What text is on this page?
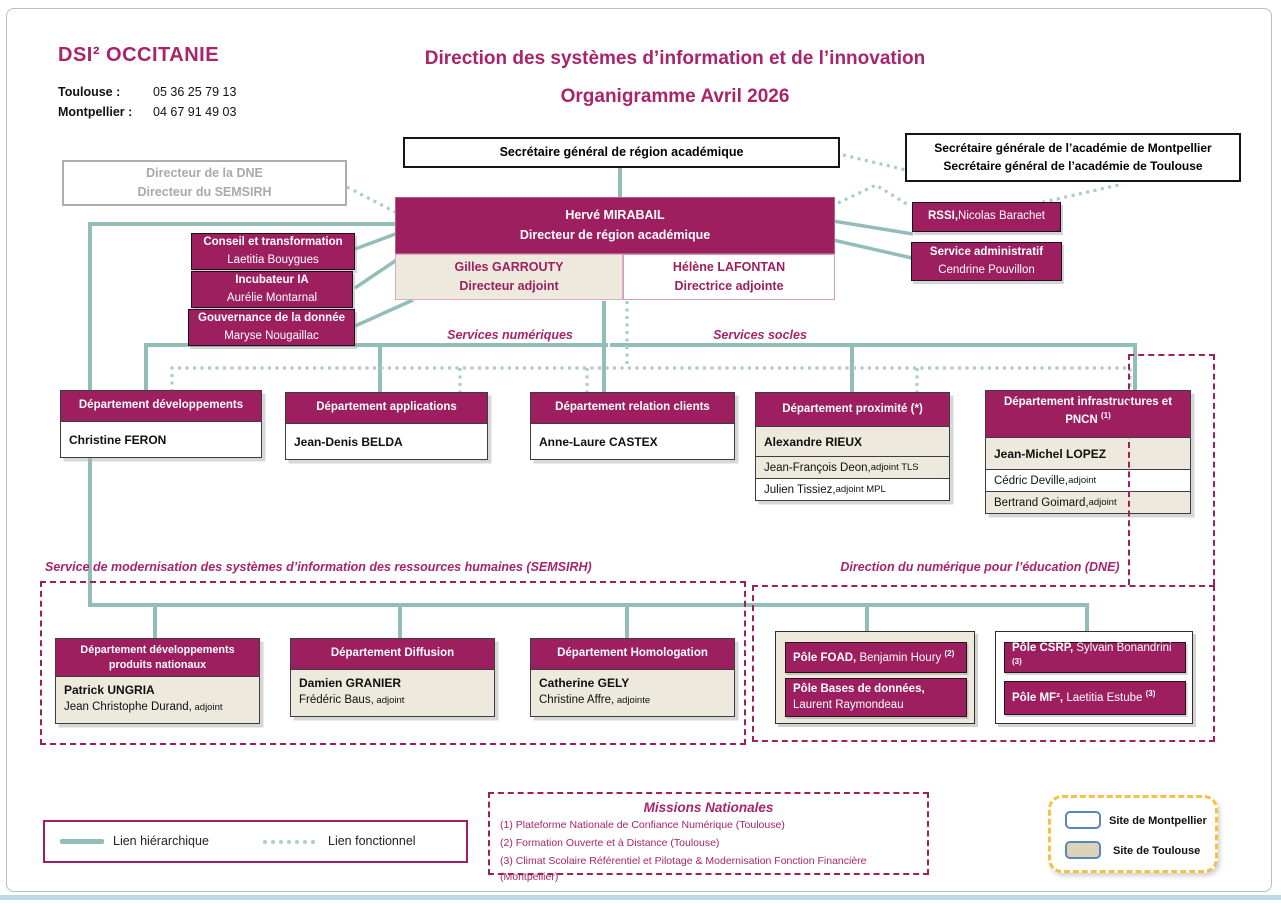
DSI² OCCITANIE
Toulouse :	05 36 25 79 13
Montpellier :	04 67 91 49 03
Direction des systèmes d’information et de l’innovation
Organigramme Avril 2026
Secrétaire général de région académique	Secrétaire générale de l’académie de Montpellier
Secrétaire général de l’académie de Toulouse
Directeur de la DNE
Directeur du SEMSIRH
Hervé MIRABAIL
Directeur de région académique
Gilles GARROUTY
Directeur adjoint
Hélène LAFONTAN
Directrice adjointe
Conseil et transformation
Laetitia Bouygues
Incubateur IA
Aurélie Montarnal
Gouvernance de la donnée
Maryse Nougaillac
RSSI, Nicolas Barachet
Service administratif
Cendrine Pouvillon
Services numériques	Services socles
Département développements
Christine FERON
Département applications
Jean-Denis BELDA
Département relation clients
Anne-Laure CASTEX
Département proximité (*)
Alexandre RIEUX
Jean-François Deon, adjoint TLS
Julien Tissiez, adjoint MPL
Département infrastructures et PNCN $^{(1)}$
Jean-Michel LOPEZ
Cédric Deville, adjoint
Bertrand Goimard, adjoint
Service de modernisation des systèmes d’information des ressources humaines (SEMSIRH)
Département développements
produits nationaux
Patrick UNGRIA
Jean Christophe Durand, adjoint
Département Diffusion
Damien GRANIER
Frédéric Baus, adjoint
Département Homologation
Catherine GELY
Christine Affre, adjointe
Direction du numérique pour l’éducation (DNE)
Pôle FOAD, Benjamin Houry $^{(2)}$
Pôle Bases de données, Laurent Raymondeau
Pôle CSRP, Sylvain Bonandrini $^{(3)}$
Pôle MF², Laetitia Estube $^{(3)}$
Lien hiérarchique	Lien fonctionnel
Missions Nationales
(1) Plateforme Nationale de Confiance Numérique (Toulouse)
(2) Formation Ouverte et à Distance (Toulouse)
(3) Climat Scolaire Référentiel et Pilotage & Modernisation Fonction Financière (Montpellier)
Site de Montpellier
Site de Toulouse
